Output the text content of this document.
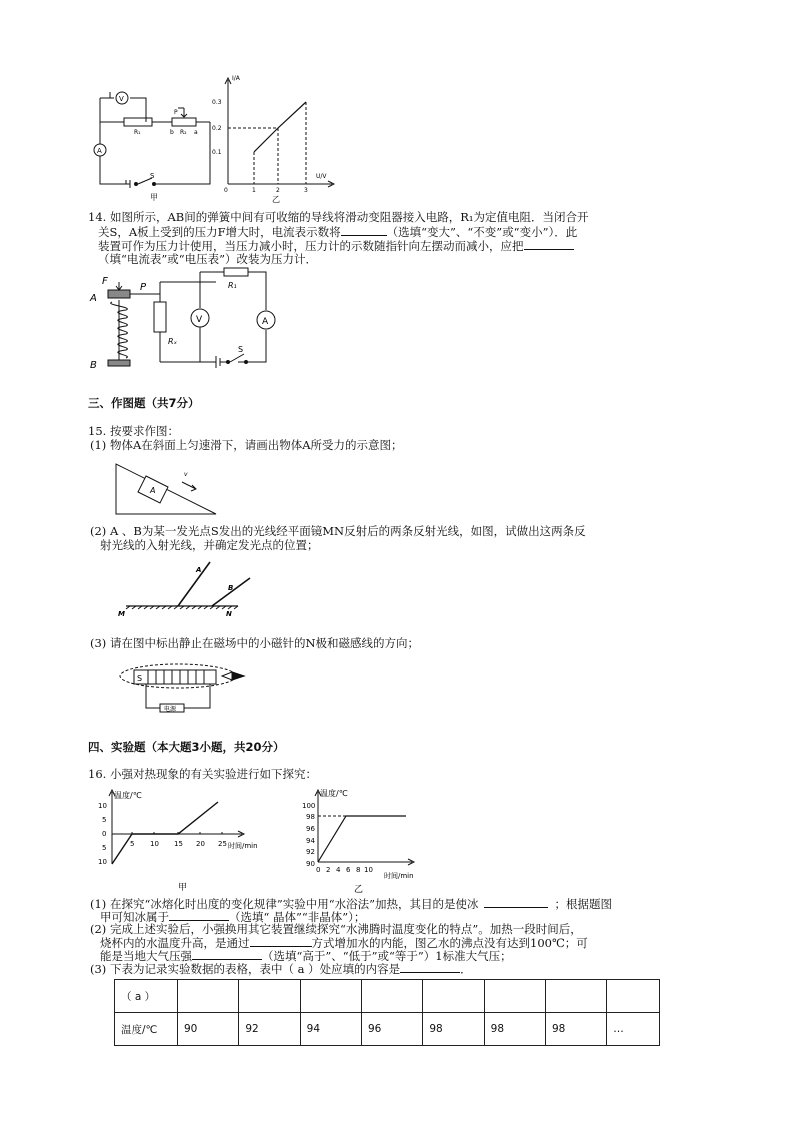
V
A
R₁
P
b R₂ a
S
甲
I/A
U/V
0.3
0.2
0.1
0	1	2	3
乙
14. 如图所示，AB间的弹簧中间有可收缩的导线将滑动变阻器接入电路，R₁为定值电阻．当闭合开
关S，A板上受到的压力F增大时，电流表示数将	（选填“变大”、“不变”或“变小”）．此
装置可作为压力计使用，当压力减小时，压力计的示数随指针向左摆动而减小，应把
（填“电流表”或“电压表”）改装为压力计．
F
A
B
P
V	A
R₁
Rₓ
S
三、作图题（共7分）
15. 按要求作图：
(1) 物体A在斜面上匀速滑下，请画出物体A所受力的示意图；
A
v
(2) A 、B为某一发光点S发出的光线经平面镜MN反射后的两条反射光线，如图，试做出这两条反
射光线的入射光线，并确定发光点的位置；
A
B
M	N
(3) 请在图中标出静止在磁场中的小磁针的N极和磁感线的方向；
S
电源
四、实验题（本大题3小题，共20分）
16. 小强对热现象的有关实验进行如下探究：
温度/℃
时间/min
10
5
0
5
10
5 10 15 20 25
甲
温度/℃
时间/min
100
98
96
94
92
90
0 2 4 6 8 10
乙
(1) 在探究“冰熔化时出度的变化规律”实验中用“水浴法”加热，其目的是使冰	；根据题图
甲可知冰属于	（选填“ 晶体”“非晶体”）；
(2) 完成上述实验后，小强换用其它装置继续探究“水沸腾时温度变化的特点”。加热一段时间后，
烧杯内的水温度升高，是通过	方式增加水的内能，图乙水的沸点没有达到100℃；可
能是当地大气压强	（选填“高于”、“低于”或“等于”）1标准大气压；
(3) 下表为记录实验数据的表格，表中（ a ）处应填的内容是	．
（ a ）								
温度/℃	90	92	94	96	98	98	98	…
